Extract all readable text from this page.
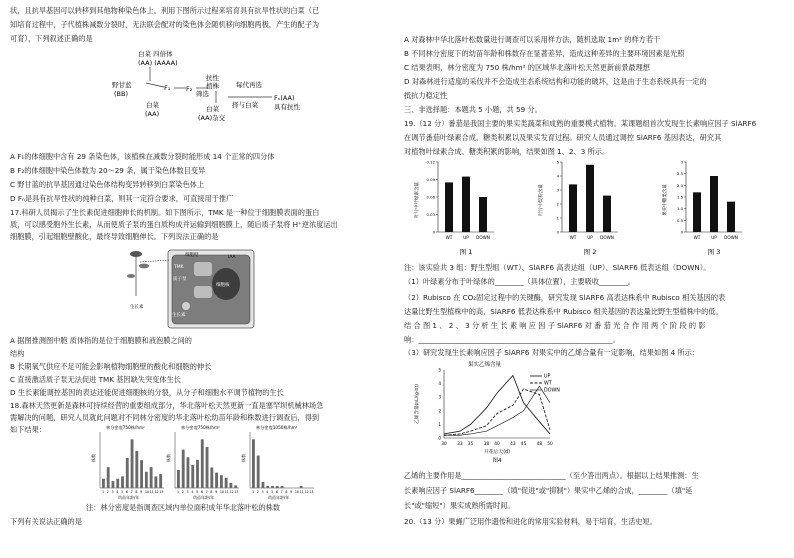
状，且抗旱基因可以转移到其他物种染色体上。利用下图所示过程来培育具有抗旱性状的白菜（已
知培育过程中，子代植株减数分裂时，无法联会配对的染色体会随机移向细胞两极，产生的配子为
可育），下列叙述正确的是
白菜 四倍体
(AA) (AAAA)
野甘蓝
(BB)
F₁
白菜
(AA)
F₂
抗性
植株
筛选
白菜
(AA)杂交
每代再选
择与白菜
Fₙ(AA)
具有抗性
A F₁的体细胞中含有 29 条染色体，该植株在减数分裂时能形成 14 个正常的四分体
B F₂的体细胞中染色体数为 20～29 条，属于染色体数目变异
C 野甘蓝的抗旱基因通过染色体结构变异转移到白菜染色体上
D Fₙ是具有抗旱性状的纯种白菜，则其一定符合要求，可直接用于推广
17.科研人员揭示了生长素促进细胞伸长的机制。如下图所示，TMK 是一种位于细胞膜表面的蛋白
质，可以感受胞外生长素，从而使质子泵的蛋白质构成并运输到细胞膜上，随后质子泵将 H⁺逆浓度运出
细胞膜，引起细胞壁酸化，最终导致细胞伸长。下列说法正确的是
细胞壁
TMK
质子泵
细胞核
IAA
生长素
生长素
A 据图推测图中胞 质体指的是位于细胞膜和液泡膜之间的
结构
B 长期氧气供应不足可能会影响植物细胞壁的酸化和细胞的伸长
C 直接激活质子泵无法促进 TMK 基因缺失突变体生长
D 生长素能调控基因的表达还能促进细胞核的分裂，从分子和细胞水平调节植物的生长
18.森林天然更新是森林可持续经营的重要组成部分，华北落叶松天然更新一直是塞罕坝机械林场急
需解决的问题，研究人员就此问题对不同林分密度的华北落叶松幼苗年龄和株数进行调查后，得到
如下结果：	林分密度750株/hm²
株数
1 2 3 4 5 6 7 8 9 10 11 12 13
幼苗年龄/年
林分密度750株/hm²
株数
1 2 3 4 5 6 7 8 9 10 11 12 13
幼苗年龄/年
林分密度1050株/hm²
株数
1 2 3 4 5 6 7 8 9 10 11 12 13
幼苗年龄/年
注：林分密度是指调查区域内单位面积成年华北落叶松的株数
下列有关说法正确的是
A 对森林中华北落叶松数量进行调查可以采用样方法，随机选取 1m² 的样方若干
B 不同林分密度下的幼苗年龄和株数存在显著差异，造成这种差异的主要环境因素是光照
C 结果表明，林分密度为 750 株/hm² 的区域华北落叶松天然更新前景最理想
D 对森林进行适度的采伐并不会造成生态系统结构和功能的破坏，这是由于生态系统具有一定的
抵抗力稳定性
三、非选择题：本题共 5 小题，共 59 分。
19.（12 分）番茄是我国主要的果实类蔬菜和成熟的重要模式植物。某课题组首次发现生长素响应因子 SlARF6
在调节番茄叶绿素合成、糖类积累以及果实发育过程。研究人员通过调控 SlARF6 基因表达，研究其
对植物叶绿素合成、糖类积累的影响，结果如图 1、2、3 所示。
叶片中叶绿素含量
0
0.03
0.06
0.09
0.12
WT	UP DOWN
图 1
叶片中淀粉含量
0
1
2
3
4
5
WT	UP DOWN
图 2
果实中糖类含量
0
0.5
1.0
1.5
2.0
2.5
3
WT	UP DOWN
图 3
注：该实验共 3 组：野生型组（WT）、SlARF6 高表达组（UP）、SlARF6 低表达组（DOWN）。
（1）叶绿素分布于叶绿体的________（具体位置），主要吸收________。
（2）Rubisco 在 CO₂固定过程中的关键酶，研究发现 SlARF6 高表达株系中 Rubisco 相关基因的表
达量比野生型植株中的高，SlARF6 低表达株系中 Rubisco 相关基因的表达量比野生型植株中的低。
结 合 图 1 、 2 、 3 分 析 生 长 素 响 应 因 子 SlARF6 对 番 茄 光 合 作 用 两 个 阶 段 的 影
响：______________________________________________________。
（3）研究发现生长素响应因子 SlARF6 对果实中的乙烯合量有一定影响，结果如图 4 所示：
果实乙烯含量
乙烯含量(nL/(g·h))
0
1
2
3
4
5
30 33 35 38 40 43 45 48 50
开花后天(d)
UP
WT
DOWN
图4
乙烯的主要作用是_____________________________（至少答出两点）。根据以上结果推测：生
长素响应因子 SlARF6________（填"促进"或"抑制"）果实中乙烯的合成，________（填"延
长"或"缩短"）果实成熟所需时间。
20.（13 分）果蝇广泛用作遗传和进化的常用实验材料，易于培育，生活史短。
